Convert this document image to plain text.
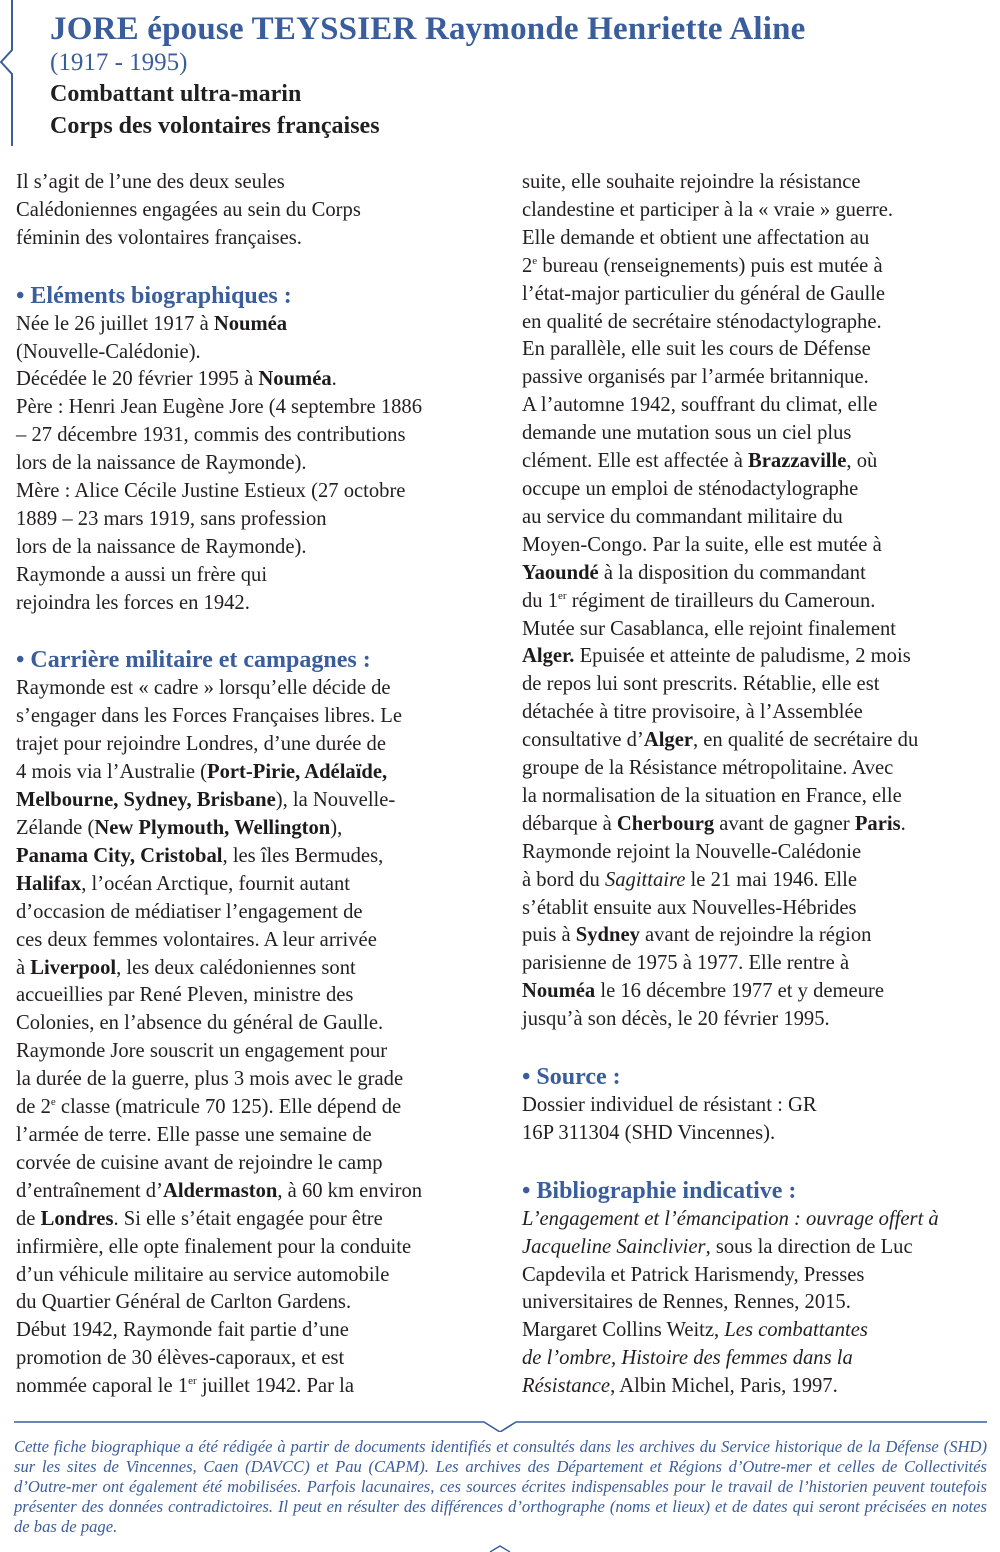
JORE épouse TEYSSIER Raymonde Henriette Aline
(1917 - 1995)
Combattant ultra-marin
Corps des volontaires françaises

Il s’agit de l’une des deux seules

Calédoniennes engagées au sein du Corps

féminin des volontaires françaises.

• Eléments biographiques :

Née le 26 juillet 1917 à Nouméa

(Nouvelle-Calédonie).

Décédée le 20 février 1995 à Nouméa.

Père : Henri Jean Eugène Jore (4 septembre 1886

– 27 décembre 1931, commis des contributions

lors de la naissance de Raymonde).

Mère : Alice Cécile Justine Estieux (27 octobre

1889 – 23 mars 1919, sans profession

lors de la naissance de Raymonde).

Raymonde a aussi un frère qui

rejoindra les forces en 1942.

• Carrière militaire et campagnes :

Raymonde est « cadre » lorsqu’elle décide de

s’engager dans les Forces Françaises libres. Le

trajet pour rejoindre Londres, d’une durée de

4 mois via l’Australie (Port-Pirie, Adélaïde,

Melbourne, Sydney, Brisbane), la Nouvelle-

Zélande (New Plymouth, Wellington),

Panama City, Cristobal, les îles Bermudes,

Halifax, l’océan Arctique, fournit autant

d’occasion de médiatiser l’engagement de

ces deux femmes volontaires. A leur arrivée

à Liverpool, les deux calédoniennes sont

accueillies par René Pleven, ministre des

Colonies, en l’absence du général de Gaulle.

Raymonde Jore souscrit un engagement pour

la durée de la guerre, plus 3 mois avec le grade

de 2e classe (matricule 70 125). Elle dépend de

l’armée de terre. Elle passe une semaine de

corvée de cuisine avant de rejoindre le camp

d’entraînement d’Aldermaston, à 60 km environ

de Londres. Si elle s’était engagée pour être

infirmière, elle opte finalement pour la conduite

d’un véhicule militaire au service automobile

du Quartier Général de Carlton Gardens.

Début 1942, Raymonde fait partie d’une

promotion de 30 élèves-caporaux, et est

nommée caporal le 1er juillet 1942. Par la

suite, elle souhaite rejoindre la résistance

clandestine et participer à la « vraie » guerre.

Elle demande et obtient une affectation au

2e bureau (renseignements) puis est mutée à

l’état-major particulier du général de Gaulle

en qualité de secrétaire sténodactylographe.

En parallèle, elle suit les cours de Défense

passive organisés par l’armée britannique.

A l’automne 1942, souffrant du climat, elle

demande une mutation sous un ciel plus

clément. Elle est affectée à Brazzaville, où

occupe un emploi de sténodactylographe

au service du commandant militaire du

Moyen-Congo. Par la suite, elle est mutée à

Yaoundé à la disposition du commandant

du 1er régiment de tirailleurs du Cameroun.

Mutée sur Casablanca, elle rejoint finalement

Alger. Epuisée et atteinte de paludisme, 2 mois

de repos lui sont prescrits. Rétablie, elle est

détachée à titre provisoire, à l’Assemblée

consultative d’Alger, en qualité de secrétaire du

groupe de la Résistance métropolitaine. Avec

la normalisation de la situation en France, elle

débarque à Cherbourg avant de gagner Paris.

Raymonde rejoint la Nouvelle-Calédonie

à bord du Sagittaire le 21 mai 1946. Elle

s’établit ensuite aux Nouvelles-Hébrides

puis à Sydney avant de rejoindre la région

parisienne de 1975 à 1977. Elle rentre à

Nouméa le 16 décembre 1977 et y demeure

jusqu’à son décès, le 20 février 1995.

• Source :

Dossier individuel de résistant : GR

16P 311304 (SHD Vincennes).

• Bibliographie indicative :

L’engagement et l’émancipation : ouvrage offert à

Jacqueline Sainclivier, sous la direction de Luc

Capdevila et Patrick Harismendy, Presses

universitaires de Rennes, Rennes, 2015.

Margaret Collins Weitz, Les combattantes

de l’ombre, Histoire des femmes dans la

Résistance, Albin Michel, Paris, 1997.

Cette fiche biographique a été rédigée à partir de documents identifiés et consultés dans les archives du Service historique de la Défense (SHD) sur les sites de Vincennes, Caen (DAVCC) et Pau (CAPM). Les archives des Département et Régions d’Outre-mer et celles de Collectivités d’Outre-mer ont également été mobilisées. Parfois lacunaires, ces sources écrites indispensables pour le travail de l’historien peuvent toutefois présenter des données contradictoires. Il peut en résulter des différences d’orthographe (noms et lieux) et de dates qui seront précisées en notes de bas de page.
